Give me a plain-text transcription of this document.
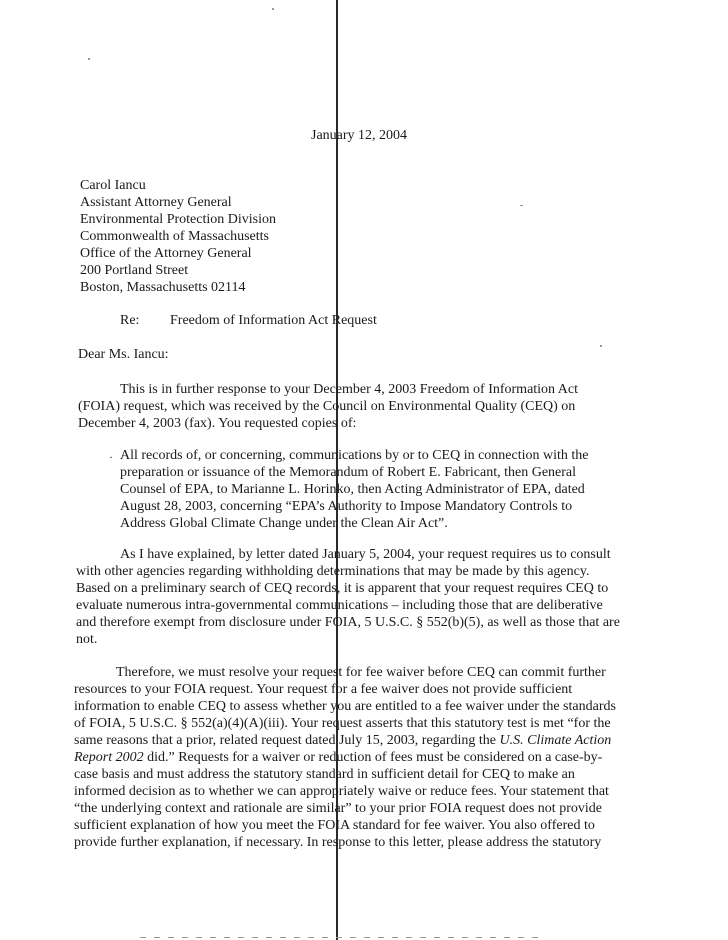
January 12, 2004

Carol Iancu

Assistant Attorney General

Environmental Protection Division

Commonwealth of Massachusetts

Office of the Attorney General

200 Portland Street

Boston, Massachusetts 02114

Re: Freedom of Information Act Request

Dear Ms. Iancu:

This is in further response to your December 4, 2003 Freedom of Information Act

(FOIA) request, which was received by the Council on Environmental Quality (CEQ) on

December 4, 2003 (fax). You requested copies of:

· All records of, or concerning, communications by or to CEQ in connection with the

preparation or issuance of the Memorandum of Robert E. Fabricant, then General

Counsel of EPA, to Marianne L. Horinko, then Acting Administrator of EPA, dated

August 28, 2003, concerning “EPA’s Authority to Impose Mandatory Controls to

Address Global Climate Change under the Clean Air Act”.

As I have explained, by letter dated January 5, 2004, your request requires us to consult

with other agencies regarding withholding determinations that may be made by this agency.

Based on a preliminary search of CEQ records, it is apparent that your request requires CEQ to

evaluate numerous intra-governmental communications – including those that are deliberative

and therefore exempt from disclosure under FOIA, 5 U.S.C. § 552(b)(5), as well as those that are

not.

Therefore, we must resolve your request for fee waiver before CEQ can commit further

resources to your FOIA request. Your request for a fee waiver does not provide sufficient

information to enable CEQ to assess whether you are entitled to a fee waiver under the standards

of FOIA, 5 U.S.C. § 552(a)(4)(A)(iii). Your request asserts that this statutory test is met “for the

same reasons that a prior, related request dated July 15, 2003, regarding the U.S. Climate Action

Report 2002 did.” Requests for a waiver or reduction of fees must be considered on a case-by-

case basis and must address the statutory standard in sufficient detail for CEQ to make an

informed decision as to whether we can appropriately waive or reduce fees. Your statement that

“the underlying context and rationale are similar” to your prior FOIA request does not provide

sufficient explanation of how you meet the FOIA standard for fee waiver. You also offered to

provide further explanation, if necessary. In response to this letter, please address the statutory
